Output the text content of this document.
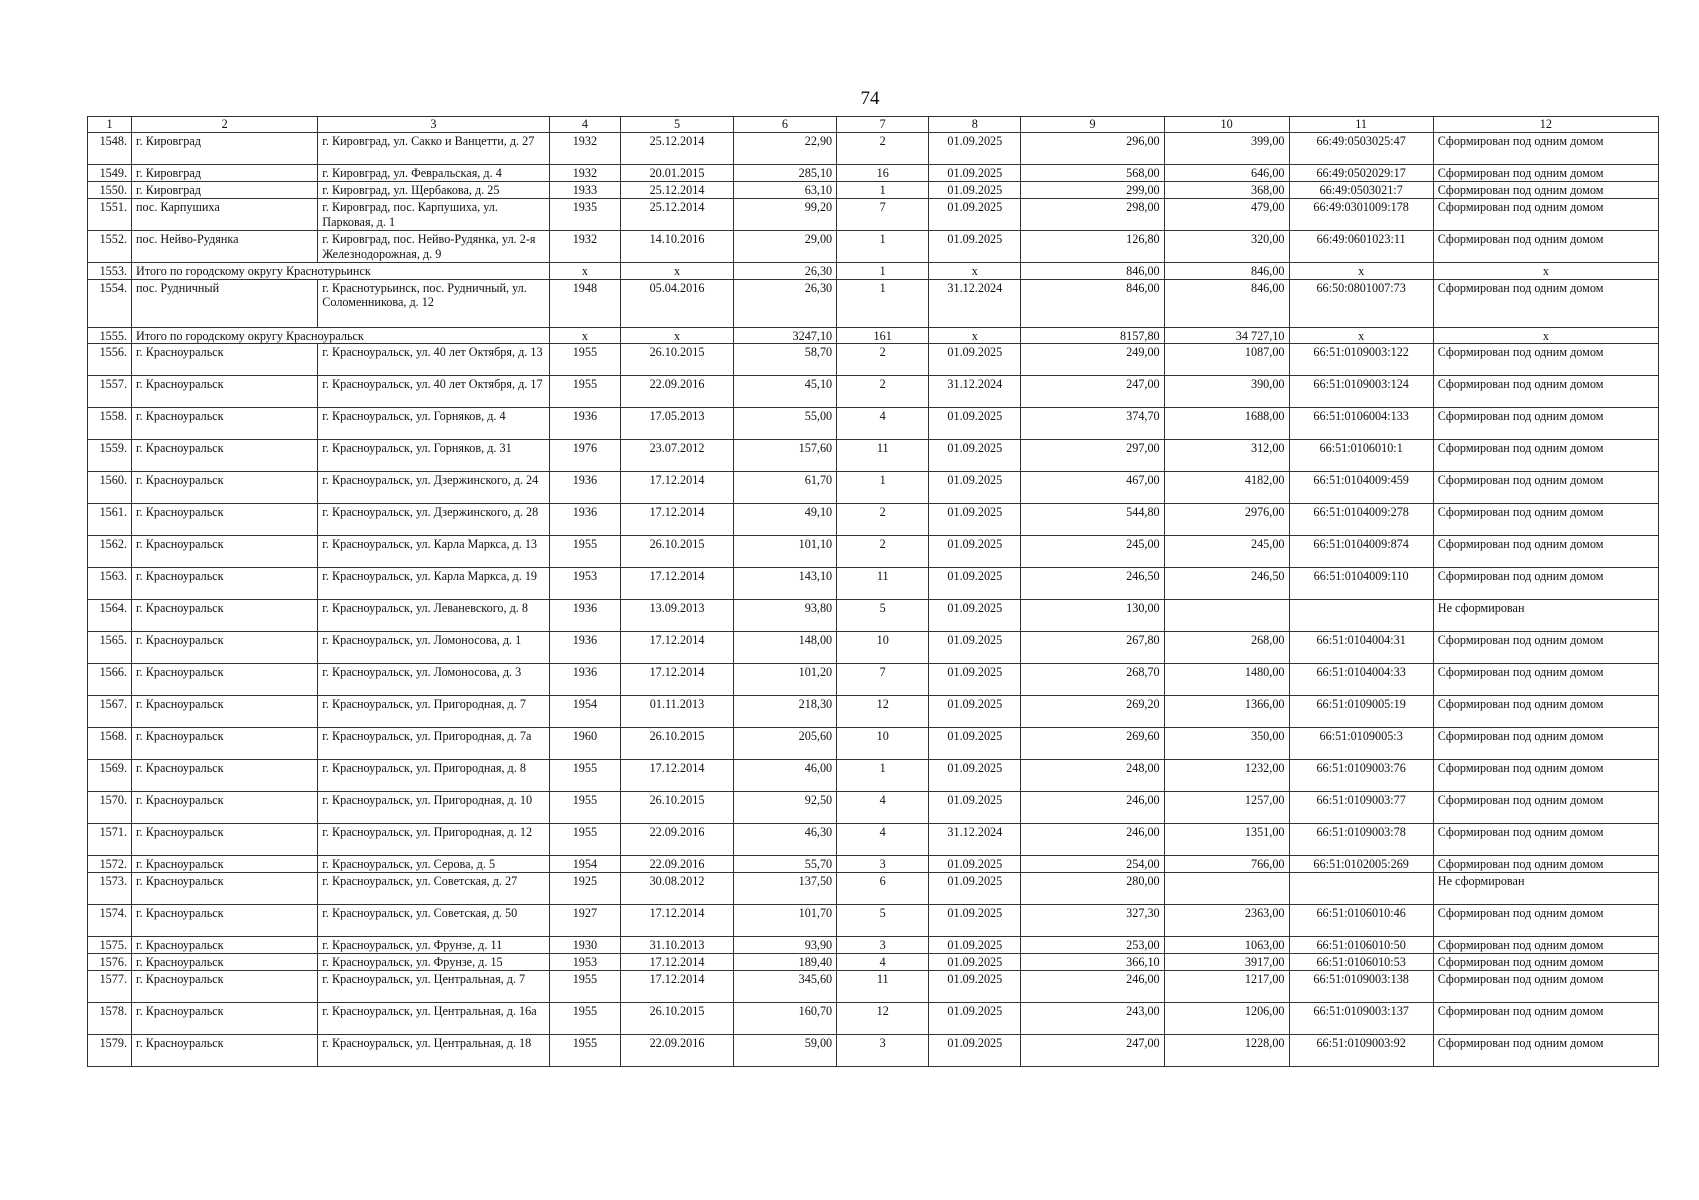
74
1	2	3	4	5	6	7	8	9	10	11	12
1548.	г. Кировград	г. Кировград, ул. Сакко и Ванцетти, д. 27	1932	25.12.2014	22,90	2	01.09.2025	296,00	399,00	66:49:0503025:47	Сформирован под одним домом
1549.	г. Кировград	г. Кировград, ул. Февральская, д. 4	1932	20.01.2015	285,10	16	01.09.2025	568,00	646,00	66:49:0502029:17	Сформирован под одним домом
1550.	г. Кировград	г. Кировград, ул. Щербакова, д. 25	1933	25.12.2014	63,10	1	01.09.2025	299,00	368,00	66:49:0503021:7	Сформирован под одним домом
1551.	пос. Карпушиха	г. Кировград, пос. Карпушиха, ул. Парковая, д. 1	1935	25.12.2014	99,20	7	01.09.2025	298,00	479,00	66:49:0301009:178	Сформирован под одним домом
1552.	пос. Нейво-Рудянка	г. Кировград, пос. Нейво-Рудянка, ул. 2-я Железнодорожная, д. 9	1932	14.10.2016	29,00	1	01.09.2025	126,80	320,00	66:49:0601023:11	Сформирован под одним домом
1553.	Итого по городскому округу Краснотурьинск		x	x	26,30	1	x	846,00	846,00	x	x
1554.	пос. Рудничный	г. Краснотурьинск, пос. Рудничный, ул. Соломенникова, д. 12	1948	05.04.2016	26,30	1	31.12.2024	846,00	846,00	66:50:0801007:73	Сформирован под одним домом
1555.	Итого по городскому округу Красноуральск		x	x	3247,10	161	x	8157,80	34 727,10	x	x
1556.	г. Красноуральск	г. Красноуральск, ул. 40 лет Октября, д. 13	1955	26.10.2015	58,70	2	01.09.2025	249,00	1087,00	66:51:0109003:122	Сформирован под одним домом
1557.	г. Красноуральск	г. Красноуральск, ул. 40 лет Октября, д. 17	1955	22.09.2016	45,10	2	31.12.2024	247,00	390,00	66:51:0109003:124	Сформирован под одним домом
1558.	г. Красноуральск	г. Красноуральск, ул. Горняков, д. 4	1936	17.05.2013	55,00	4	01.09.2025	374,70	1688,00	66:51:0106004:133	Сформирован под одним домом
1559.	г. Красноуральск	г. Красноуральск, ул. Горняков, д. 31	1976	23.07.2012	157,60	11	01.09.2025	297,00	312,00	66:51:0106010:1	Сформирован под одним домом
1560.	г. Красноуральск	г. Красноуральск, ул. Дзержинского, д. 24	1936	17.12.2014	61,70	1	01.09.2025	467,00	4182,00	66:51:0104009:459	Сформирован под одним домом
1561.	г. Красноуральск	г. Красноуральск, ул. Дзержинского, д. 28	1936	17.12.2014	49,10	2	01.09.2025	544,80	2976,00	66:51:0104009:278	Сформирован под одним домом
1562.	г. Красноуральск	г. Красноуральск, ул. Карла Маркса, д. 13	1955	26.10.2015	101,10	2	01.09.2025	245,00	245,00	66:51:0104009:874	Сформирован под одним домом
1563.	г. Красноуральск	г. Красноуральск, ул. Карла Маркса, д. 19	1953	17.12.2014	143,10	11	01.09.2025	246,50	246,50	66:51:0104009:110	Сформирован под одним домом
1564.	г. Красноуральск	г. Красноуральск, ул. Леваневского, д. 8	1936	13.09.2013	93,80	5	01.09.2025	130,00			Не сформирован
1565.	г. Красноуральск	г. Красноуральск, ул. Ломоносова, д. 1	1936	17.12.2014	148,00	10	01.09.2025	267,80	268,00	66:51:0104004:31	Сформирован под одним домом
1566.	г. Красноуральск	г. Красноуральск, ул. Ломоносова, д. 3	1936	17.12.2014	101,20	7	01.09.2025	268,70	1480,00	66:51:0104004:33	Сформирован под одним домом
1567.	г. Красноуральск	г. Красноуральск, ул. Пригородная, д. 7	1954	01.11.2013	218,30	12	01.09.2025	269,20	1366,00	66:51:0109005:19	Сформирован под одним домом
1568.	г. Красноуральск	г. Красноуральск, ул. Пригородная, д. 7а	1960	26.10.2015	205,60	10	01.09.2025	269,60	350,00	66:51:0109005:3	Сформирован под одним домом
1569.	г. Красноуральск	г. Красноуральск, ул. Пригородная, д. 8	1955	17.12.2014	46,00	1	01.09.2025	248,00	1232,00	66:51:0109003:76	Сформирован под одним домом
1570.	г. Красноуральск	г. Красноуральск, ул. Пригородная, д. 10	1955	26.10.2015	92,50	4	01.09.2025	246,00	1257,00	66:51:0109003:77	Сформирован под одним домом
1571.	г. Красноуральск	г. Красноуральск, ул. Пригородная, д. 12	1955	22.09.2016	46,30	4	31.12.2024	246,00	1351,00	66:51:0109003:78	Сформирован под одним домом
1572.	г. Красноуральск	г. Красноуральск, ул. Серова, д. 5	1954	22.09.2016	55,70	3	01.09.2025	254,00	766,00	66:51:0102005:269	Сформирован под одним домом
1573.	г. Красноуральск	г. Красноуральск, ул. Советская, д. 27	1925	30.08.2012	137,50	6	01.09.2025	280,00			Не сформирован
1574.	г. Красноуральск	г. Красноуральск, ул. Советская, д. 50	1927	17.12.2014	101,70	5	01.09.2025	327,30	2363,00	66:51:0106010:46	Сформирован под одним домом
1575.	г. Красноуральск	г. Красноуральск, ул. Фрунзе, д. 11	1930	31.10.2013	93,90	3	01.09.2025	253,00	1063,00	66:51:0106010:50	Сформирован под одним домом
1576.	г. Красноуральск	г. Красноуральск, ул. Фрунзе, д. 15	1953	17.12.2014	189,40	4	01.09.2025	366,10	3917,00	66:51:0106010:53	Сформирован под одним домом
1577.	г. Красноуральск	г. Красноуральск, ул. Центральная, д. 7	1955	17.12.2014	345,60	11	01.09.2025	246,00	1217,00	66:51:0109003:138	Сформирован под одним домом
1578.	г. Красноуральск	г. Красноуральск, ул. Центральная, д. 16а	1955	26.10.2015	160,70	12	01.09.2025	243,00	1206,00	66:51:0109003:137	Сформирован под одним домом
1579.	г. Красноуральск	г. Красноуральск, ул. Центральная, д. 18	1955	22.09.2016	59,00	3	01.09.2025	247,00	1228,00	66:51:0109003:92	Сформирован под одним домом
